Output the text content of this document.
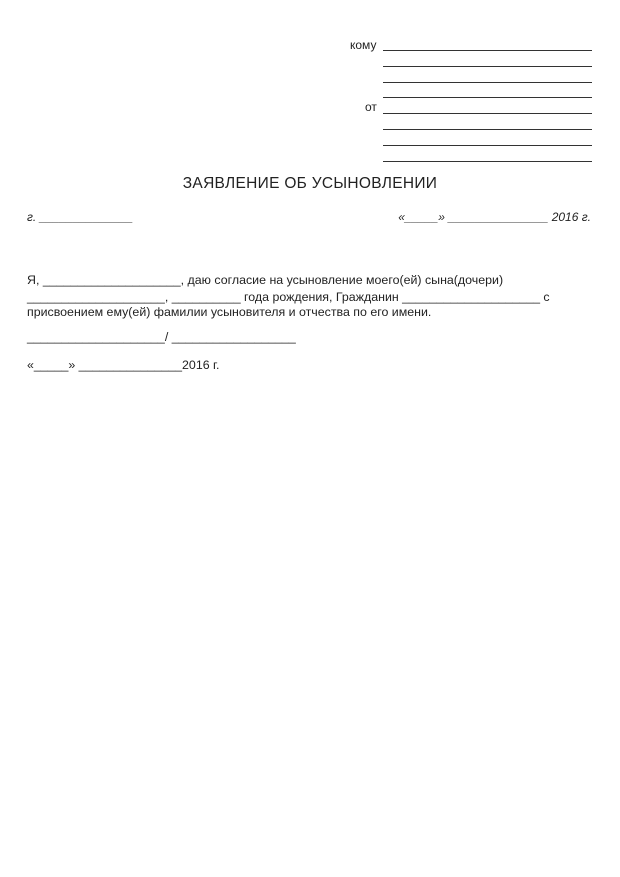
кому
от
ЗАЯВЛЕНИЕ ОБ УСЫНОВЛЕНИИ
г. ______________	«_____» _______________ 2016 г.
Я, ____________________, даю согласие на усыновление моего(ей) сына(дочери)
____________________, __________ года рождения, Гражданин ____________________ с
присвоением ему(ей) фамилии усыновителя и отчества по его имени.
____________________/ __________________
«_____» _______________2016 г.
